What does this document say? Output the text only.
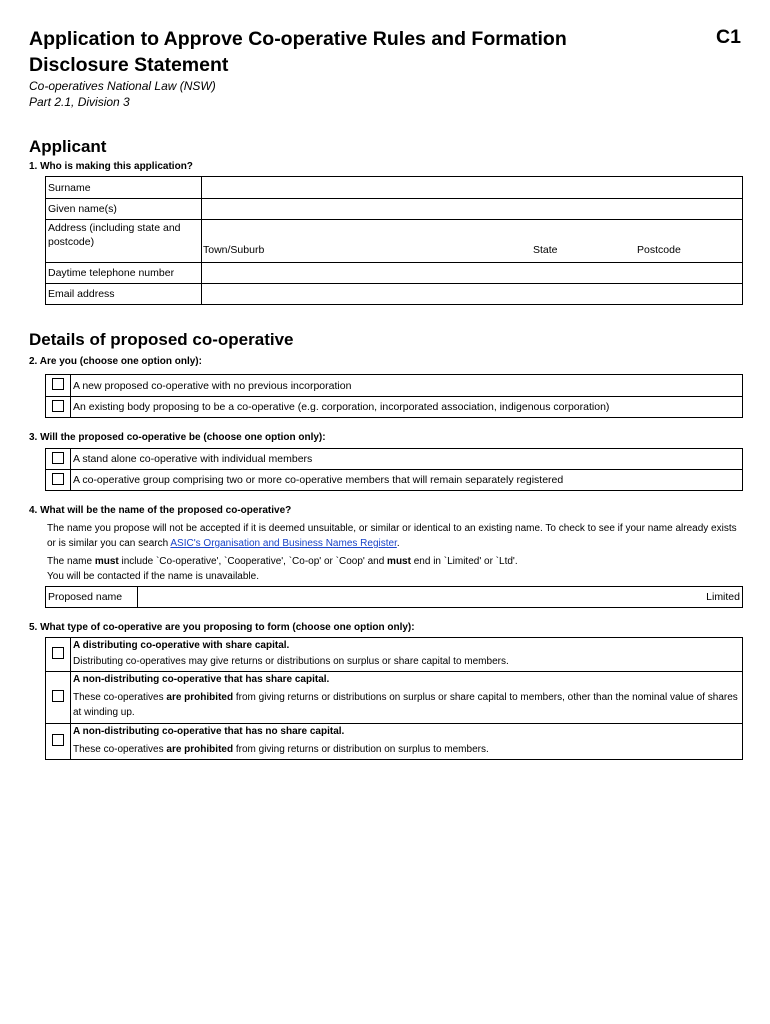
Application to Approve Co-operative Rules and Formation Disclosure Statement
C1
Co-operatives National Law (NSW)
Part 2.1, Division 3
Applicant
1. Who is making this application?
Surname	
Given name(s)	
Address (including state and postcode)	Town/Suburb State Postcode

Daytime telephone number	
Email address	
Details of proposed co-operative
2. Are you (choose one option only):
	A new proposed co-operative with no previous incorporation
	An existing body proposing to be a co-operative (e.g. corporation, incorporated association, indigenous corporation)
3. Will the proposed co-operative be (choose one option only):
	A stand alone co-operative with individual members
	A co-operative group comprising two or more co-operative members that will remain separately registered
4. What will be the name of the proposed co-operative?
The name you propose will not be accepted if it is deemed unsuitable, or similar or identical to an existing name. To check to see if your name already exists or is similar you can search ASIC's Organisation and Business Names Register.
The name must include `Co-operative', `Cooperative', `Co-op' or `Coop' and must end in `Limited' or `Ltd'.
You will be contacted if the name is unavailable.
Proposed name	Limited
5. What type of co-operative are you proposing to form (choose one option only):

	A distributing co-operative with share capital.
Distributing co-operatives may give returns or distributions on surplus or share capital to members.

	A non-distributing co-operative that has share capital.
These co-operatives are prohibited from giving returns or distributions on surplus or share capital to members, other than the nominal value of shares at winding up.

	A non-distributing co-operative that has no share capital.
These co-operatives are prohibited from giving returns or distribution on surplus to members.
